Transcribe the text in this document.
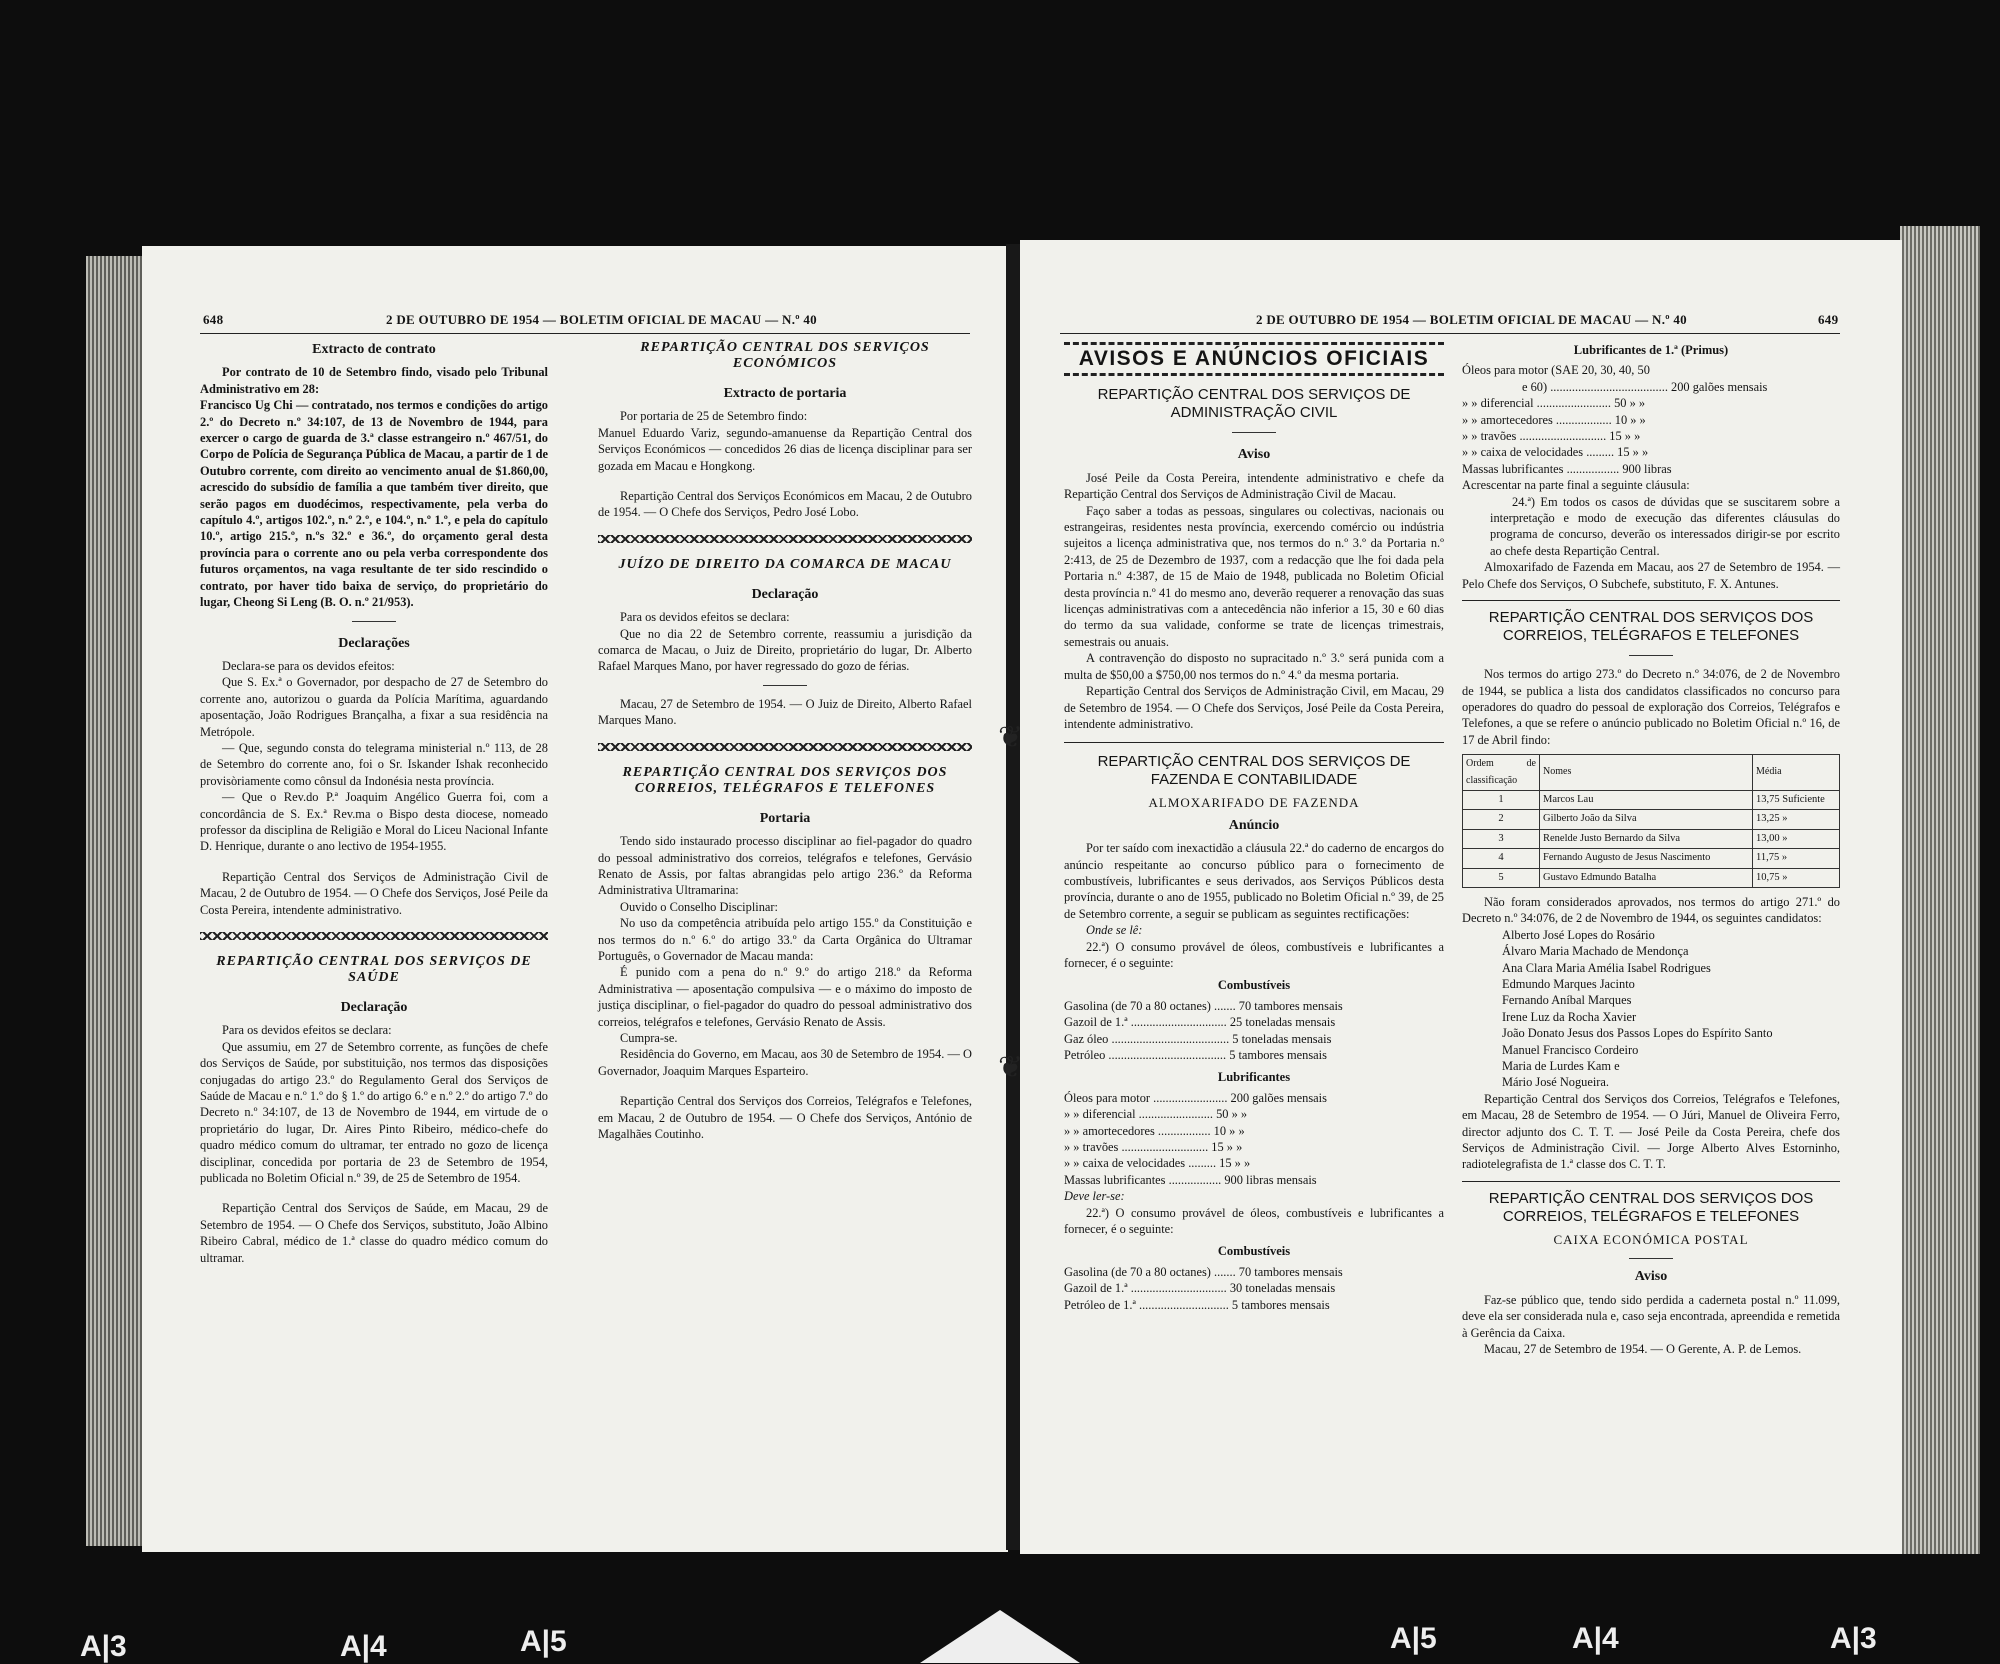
648	2 DE OUTUBRO DE 1954 — BOLETIM OFICIAL DE MACAU — N.º 40
Extracto de contrato

Por contrato de 10 de Setembro findo, visado pelo Tribunal Administrativo em 28:

Francisco Ug Chi — contratado, nos termos e condições do artigo 2.º do Decreto n.º 34:107, de 13 de Novembro de 1944, para exercer o cargo de guarda de 3.ª classe estrangeiro n.º 467/51, do Corpo de Polícia de Segurança Pública de Macau, a partir de 1 de Outubro corrente, com direito ao vencimento anual de $1.860,00, acrescido do subsídio de família a que também tiver direito, que serão pagos em duodécimos, respectivamente, pela verba do capítulo 4.º, artigos 102.º, n.º 2.º, e 104.º, n.º 1.º, e pela do capítulo 10.º, artigo 215.º, n.ºs 32.º e 36.º, do orçamento geral desta província para o corrente ano ou pela verba correspondente dos futuros orçamentos, na vaga resultante de ter sido rescindido o contrato, por haver tido baixa de serviço, do proprietário do lugar, Cheong Si Leng (B. O. n.º 21/953).

Declarações

Declara-se para os devidos efeitos:

Que S. Ex.ª o Governador, por despacho de 27 de Setembro do corrente ano, autorizou o guarda da Polícia Marítima, aguardando aposentação, João Rodrigues Brançalha, a fixar a sua residência na Metrópole.

— Que, segundo consta do telegrama ministerial n.º 113, de 28 de Setembro do corrente ano, foi o Sr. Iskander Ishak reconhecido provisòriamente como cônsul da Indonésia nesta província.

— Que o Rev.do P.ª Joaquim Angélico Guerra foi, com a concordância de S. Ex.ª Rev.ma o Bispo desta diocese, nomeado professor da disciplina de Religião e Moral do Liceu Nacional Infante D. Henrique, durante o ano lectivo de 1954-1955.

Repartição Central dos Serviços de Administração Civil de Macau, 2 de Outubro de 1954. — O Chefe dos Serviços, José Peile da Costa Pereira, intendente administrativo.

REPARTIÇÃO CENTRAL DOS SERVIÇOS DE SAÚDE
Declaração

Para os devidos efeitos se declara:

Que assumiu, em 27 de Setembro corrente, as funções de chefe dos Serviços de Saúde, por substituição, nos termos das disposições conjugadas do artigo 23.º do Regulamento Geral dos Serviços de Saúde de Macau e n.º 1.º do § 1.º do artigo 6.º e n.º 2.º do artigo 7.º do Decreto n.º 34:107, de 13 de Novembro de 1944, em virtude de o proprietário do lugar, Dr. Aires Pinto Ribeiro, médico-chefe do quadro médico comum do ultramar, ter entrado no gozo de licença disciplinar, concedida por portaria de 23 de Setembro de 1954, publicada no Boletim Oficial n.º 39, de 25 de Setembro de 1954.

Repartição Central dos Serviços de Saúde, em Macau, 29 de Setembro de 1954. — O Chefe dos Serviços, substituto, João Albino Ribeiro Cabral, médico de 1.ª classe do quadro médico comum do ultramar.

REPARTIÇÃO CENTRAL DOS SERVIÇOS ECONÓMICOS
Extracto de portaria

Por portaria de 25 de Setembro findo:

Manuel Eduardo Variz, segundo-amanuense da Repartição Central dos Serviços Económicos — concedidos 26 dias de licença disciplinar para ser gozada em Macau e Hongkong.

Repartição Central dos Serviços Económicos em Macau, 2 de Outubro de 1954. — O Chefe dos Serviços, Pedro José Lobo.

JUÍZO DE DIREITO DA COMARCA DE MACAU
Declaração

Para os devidos efeitos se declara:

Que no dia 22 de Setembro corrente, reassumiu a jurisdição da comarca de Macau, o Juiz de Direito, proprietário do lugar, Dr. Alberto Rafael Marques Mano, por haver regressado do gozo de férias.

Macau, 27 de Setembro de 1954. — O Juiz de Direito, Alberto Rafael Marques Mano.

REPARTIÇÃO CENTRAL DOS SERVIÇOS DOS CORREIOS, TELÉGRAFOS E TELEFONES
Portaria

Tendo sido instaurado processo disciplinar ao fiel-pagador do quadro do pessoal administrativo dos correios, telégrafos e telefones, Gervásio Renato de Assis, por faltas abrangidas pelo artigo 236.º da Reforma Administrativa Ultramarina:

Ouvido o Conselho Disciplinar:

No uso da competência atribuída pelo artigo 155.º da Constituição e nos termos do n.º 6.º do artigo 33.º da Carta Orgânica do Ultramar Português, o Governador de Macau manda:

É punido com a pena do n.º 9.º do artigo 218.º da Reforma Administrativa — aposentação compulsiva — e o máximo do imposto de justiça disciplinar, o fiel-pagador do quadro do pessoal administrativo dos correios, telégrafos e telefones, Gervásio Renato de Assis.

Cumpra-se.

Residência do Governo, em Macau, aos 30 de Setembro de 1954. — O Governador, Joaquim Marques Esparteiro.

Repartição Central dos Serviços dos Correios, Telégrafos e Telefones, em Macau, 2 de Outubro de 1954. — O Chefe dos Serviços, António de Magalhães Coutinho.

2 DE OUTUBRO DE 1954 — BOLETIM OFICIAL DE MACAU — N.º 40	649
AVISOS E ANÚNCIOS OFICIAIS
REPARTIÇÃO CENTRAL DOS SERVIÇOS DE ADMINISTRAÇÃO CIVIL
Aviso

José Peile da Costa Pereira, intendente administrativo e chefe da Repartição Central dos Serviços de Administração Civil de Macau.

Faço saber a todas as pessoas, singulares ou colectivas, nacionais ou estrangeiras, residentes nesta província, exercendo comércio ou indústria sujeitos a licença administrativa que, nos termos do n.º 3.º da Portaria n.º 2:413, de 25 de Dezembro de 1937, com a redacção que lhe foi dada pela Portaria n.º 4:387, de 15 de Maio de 1948, publicada no Boletim Oficial desta província n.º 41 do mesmo ano, deverão requerer a renovação das suas licenças administrativas com a antecedência não inferior a 15, 30 e 60 dias do termo da sua validade, conforme se trate de licenças trimestrais, semestrais ou anuais.

A contravenção do disposto no supracitado n.º 3.º será punida com a multa de $50,00 a $750,00 nos termos do n.º 4.º da mesma portaria.

Repartição Central dos Serviços de Administração Civil, em Macau, 29 de Setembro de 1954. — O Chefe dos Serviços, José Peile da Costa Pereira, intendente administrativo.

REPARTIÇÃO CENTRAL DOS SERVIÇOS DE FAZENDA E CONTABILIDADE
ALMOXARIFADO DE FAZENDA
Anúncio

Por ter saído com inexactidão a cláusula 22.ª do caderno de encargos do anúncio respeitante ao concurso público para o fornecimento de combustíveis, lubrificantes e seus derivados, aos Serviços Públicos desta província, durante o ano de 1955, publicado no Boletim Oficial n.º 39, de 25 de Setembro corrente, a seguir se publicam as seguintes rectificações:

Onde se lê:

22.ª) O consumo provável de óleos, combustíveis e lubrificantes a fornecer, é o seguinte:

Combustíveis
Gasolina (de 70 a 80 octanes) ....... 70 tambores mensais
Gazoil de 1.ª ............................... 25 toneladas mensais
Gaz óleo ...................................... 5 toneladas mensais
Petróleo ...................................... 5 tambores mensais
Lubrificantes
Óleos para motor ........................ 200 galões mensais
» » diferencial ........................ 50 » »
» » amortecedores ................. 10 » »
» » travões ............................ 15 » »
» » caixa de velocidades ......... 15 » »
Massas lubrificantes ................. 900 libras mensais

Deve ler-se:

22.ª) O consumo provável de óleos, combustíveis e lubrificantes a fornecer, é o seguinte:

Combustíveis
Gasolina (de 70 a 80 octanes) ....... 70 tambores mensais
Gazoil de 1.ª ............................... 30 toneladas mensais
Petróleo de 1.ª ............................. 5 tambores mensais
Lubrificantes de 1.ª (Primus)
Óleos para motor (SAE 20, 30, 40, 50
e 60) ...................................... 200 galões mensais
» » diferencial ........................ 50 » »
» » amortecedores .................. 10 » »
» » travões ............................ 15 » »
» » caixa de velocidades ......... 15 » »
Massas lubrificantes ................. 900 libras

Acrescentar na parte final a seguinte cláusula:

24.ª) Em todos os casos de dúvidas que se suscitarem sobre a interpretação e modo de execução das diferentes cláusulas do programa de concurso, deverão os interessados dirigir-se por escrito ao chefe desta Repartição Central.

Almoxarifado de Fazenda em Macau, aos 27 de Setembro de 1954. — Pelo Chefe dos Serviços, O Subchefe, substituto, F. X. Antunes.

REPARTIÇÃO CENTRAL DOS SERVIÇOS DOS CORREIOS, TELÉGRAFOS E TELEFONES

Nos termos do artigo 273.º do Decreto n.º 34:076, de 2 de Novembro de 1944, se publica a lista dos candidatos classificados no concurso para operadores do quadro do pessoal de exploração dos Correios, Telégrafos e Telefones, a que se refere o anúncio publicado no Boletim Oficial n.º 16, de 17 de Abril findo:

Ordem de classificação	Nomes	Média
1	Marcos Lau	13,75 Suficiente
2	Gilberto João da Silva	13,25 »
3	Renelde Justo Bernardo da Silva	13,00 »
4	Fernando Augusto de Jesus Nascimento	11,75 »
5	Gustavo Edmundo Batalha	10,75 »

Não foram considerados aprovados, nos termos do artigo 271.º do Decreto n.º 34:076, de 2 de Novembro de 1944, os seguintes candidatos:

Alberto José Lopes do Rosário
Álvaro Maria Machado de Mendonça
Ana Clara Maria Amélia Isabel Rodrigues
Edmundo Marques Jacinto
Fernando Aníbal Marques
Irene Luz da Rocha Xavier
João Donato Jesus dos Passos Lopes do Espírito Santo
Manuel Francisco Cordeiro
Maria de Lurdes Kam e
Mário José Nogueira.

Repartição Central dos Serviços dos Correios, Telégrafos e Telefones, em Macau, 28 de Setembro de 1954. — O Júri, Manuel de Oliveira Ferro, director adjunto dos C. T. T. — José Peile da Costa Pereira, chefe dos Serviços de Administração Civil. — Jorge Alberto Alves Estorninho, radiotelegrafista de 1.ª classe dos C. T. T.

REPARTIÇÃO CENTRAL DOS SERVIÇOS DOS CORREIOS, TELÉGRAFOS E TELEFONES
CAIXA ECONÓMICA POSTAL
Aviso

Faz-se público que, tendo sido perdida a caderneta postal n.º 11.099, deve ela ser considerada nula e, caso seja encontrada, apreendida e remetida à Gerência da Caixa.

Macau, 27 de Setembro de 1954. — O Gerente, A. P. de Lemos.

❦
❦
A|3	A|4	A|5	A|5	A|4	A|3
